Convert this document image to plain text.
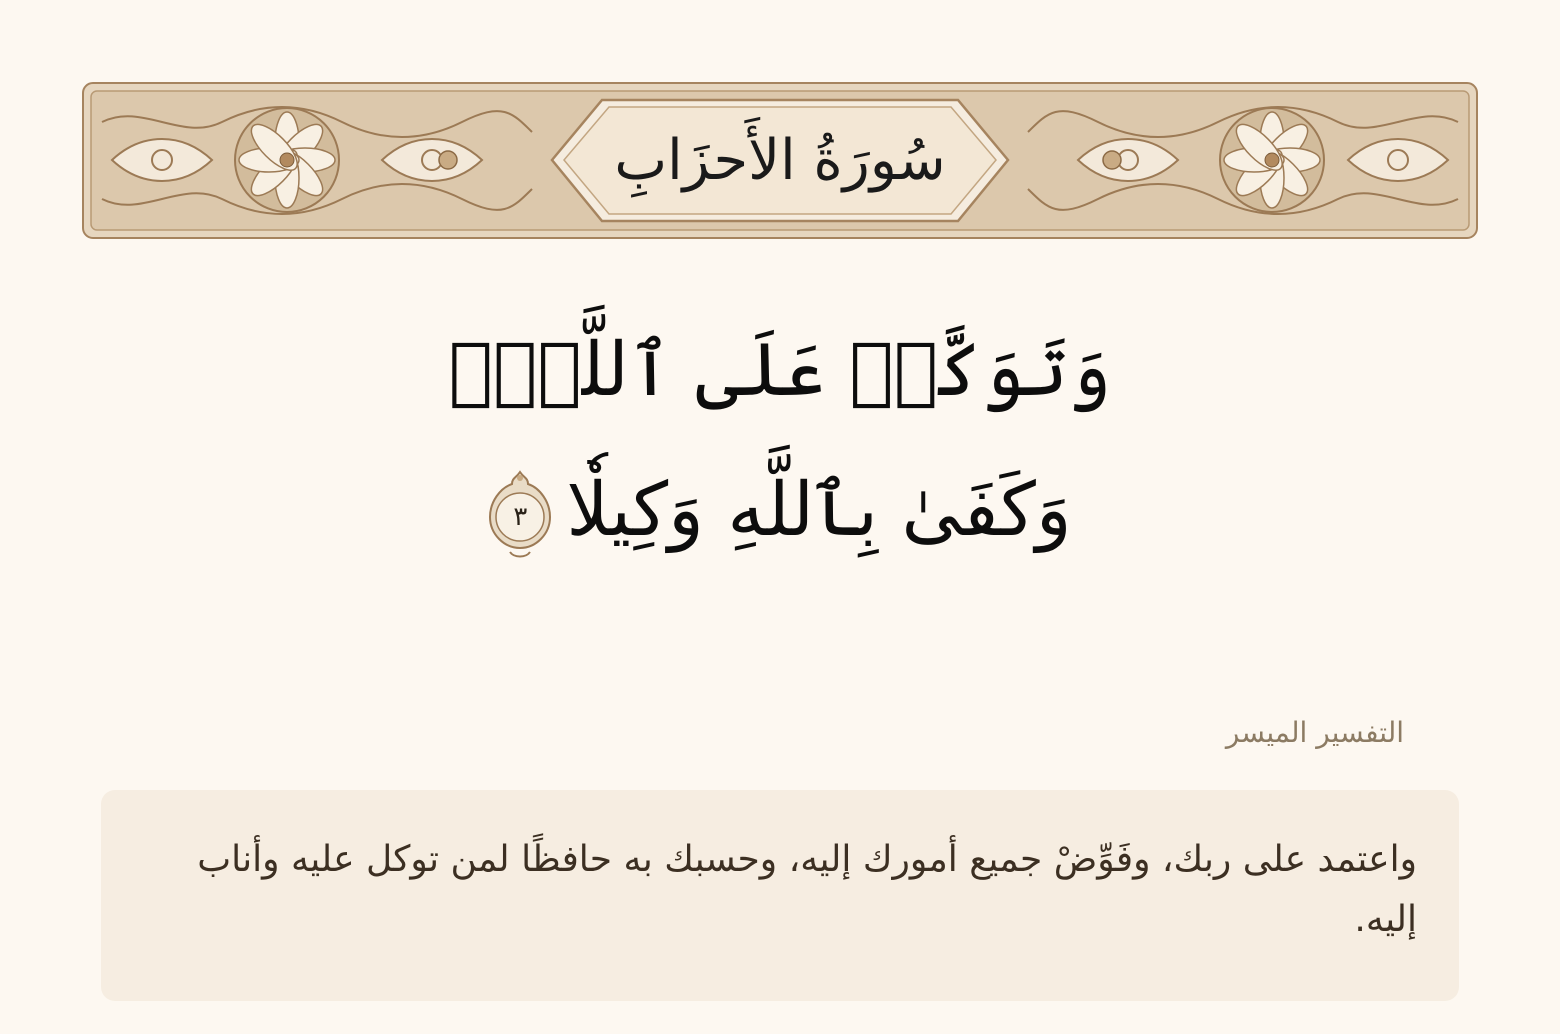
سُورَةُ الأَحزَابِ
وَتَوَكَّلۡ عَلَى ٱللَّهِۚ
وَكَفَىٰ بِٱللَّهِ وَكِيلٗا
٣
التفسير الميسر

واعتمد على ربك، وفَوِّضْ جميع أمورك إليه، وحسبك به حافظًا لمن توكل عليه وأناب إليه.
